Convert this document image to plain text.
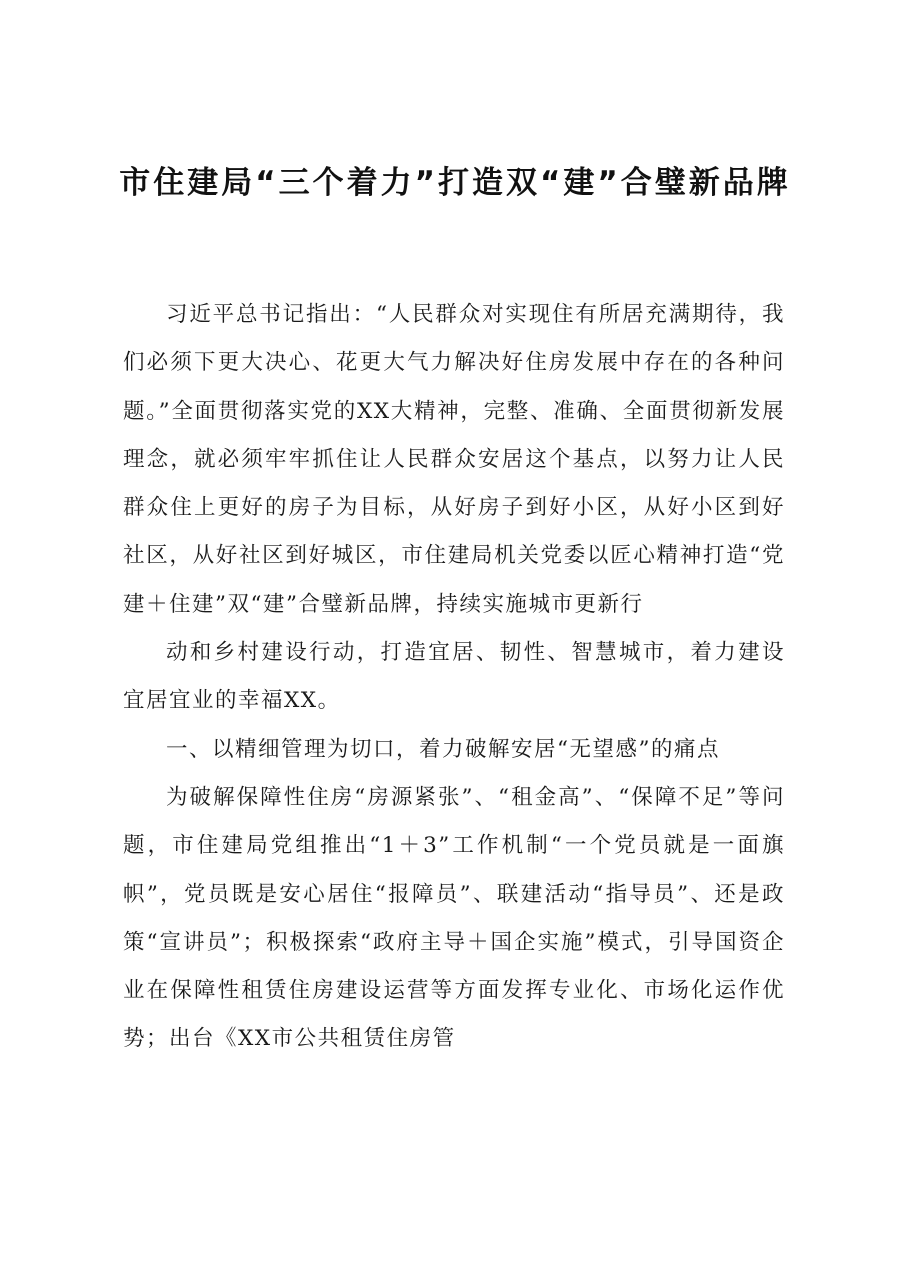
市住建局“三个着力”打造双“建”合璧新品牌

习近平总书记指出：“人民群众对实现住有所居充满期待，我们必须下更大决心、花更大气力解决好住房发展中存在的各种问题。”全面贯彻落实党的XX大精神，完整、准确、全面贯彻新发展理念，就必须牢牢抓住让人民群众安居这个基点，以努力让人民群众住上更好的房子为目标，从好房子到好小区，从好小区到好社区，从好社区到好城区，市住建局机关党委以匠心精神打造“党建＋住建”双“建”合璧新品牌，持续实施城市更新行

动和乡村建设行动，打造宜居、韧性、智慧城市，着力建设宜居宜业的幸福XX。

一、以精细管理为切口，着力破解安居“无望感”的痛点

为破解保障性住房“房源紧张”、“租金高”、“保障不足”等问题，市住建局党组推出“1＋3”工作机制“一个党员就是一面旗帜”，党员既是安心居住“报障员”、联建活动“指导员”、还是政策“宣讲员”；积极探索“政府主导＋国企实施”模式，引导国资企业在保障性租赁住房建设运营等方面发挥专业化、市场化运作优势；出台《XX市公共租赁住房管
